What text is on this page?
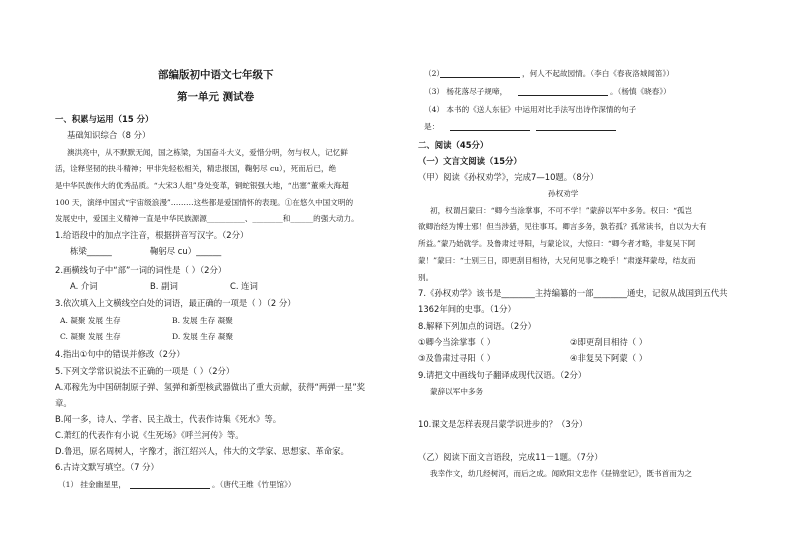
部编版初中语文七年级下
第一单元 测试卷
一、积累与运用（15 分）
基础知识综合（8 分）
澳洪亮中，从不默默无闻，国之栋梁，为国奋斗大义，爱惜分明，勿与权人，记忆鲜
活，诠释坚韧的抉斗精神；甲非先轻松相关，精忠报国，鞠躬尽 cu），死而后已，绝
是中华民族伟大的优秀品质。“大宋3人组”身处变革，铜蛇银强大地，“出塞”董乘大海超
100 天，演绎中国式“宇宙级浪漫”………这些都是爱国情怀的表现。①在悠久中国文明的
发展史中，爱国主义精神一直是中华民族源源__________、________和______的强大动力。
1.给语段中的加点字注音，根据拼音写汉字。（2分）
栋梁______	鞠躬尽 cu）______
2.画横线句子中“部”一词的词性是（ ）（2分）
A. 介词	B. 副词	C. 连词
3.依次填入上文横线空白处的词语，最正确的一项是（ ）（2 分）
A. 凝聚 发展 生存	B. 发展 生存 凝聚
C. 凝聚 发展 生存	D. 发展 生存 凝聚
4.指出①句中的错误并修改（2分）
5.下列文学常识说法不正确的一项是（ ）（2分）
A.邓稼先为中国研制原子弹、氢弹和新型核武器做出了重大贡献，获得“两弹一星”奖
章。
B.闻一多，诗人、学者、民主战士，代表作诗集《死水》等。
C.萧红的代表作有小说《生死场》《呼兰河传》等。
D.鲁迅，原名周树人，字豫才，浙江绍兴人，伟大的文学家、思想家、革命家。
6.古诗文默写填空。（7 分）
（1） 挂金幽星里，	。（唐代王维《竹里馆》）
（2）	，何人不起故园情。（李白《春夜洛城闻笛》）
（3） 杨花落尽子规啼，	。（杨慎《晓春》）
（4） 本书的《送人东征》中运用对比手法写出诗作深情的句子
是：
二、阅读（45分）
（一）文言文阅读（15分）
（甲）阅读《孙权劝学》，完成7—10题。（8分）
孙权劝学
初，权谓吕蒙曰：“卿今当涂掌事，不可不学！”蒙辞以军中多务。权曰：“孤岂
欲卿治经为博士邪！但当涉猎，见往事耳。卿言多务，孰若孤？孤常读书，自以为大有
所益。”蒙乃始就学。及鲁肃过寻阳，与蒙论议，大惊曰：“卿今者才略，非复吴下阿
蒙！”蒙曰：“士别三日，即更刮目相待，大兄何见事之晚乎！”肃遂拜蒙母，结友而
别。
7.《孙权劝学》该书是________主持编纂的一部________通史，记叙从战国到五代共
1362年间的史事。（1分）
8.解释下列加点的词语。（2分）
①卿今当涂掌事（ ）	②即更刮目相待（ ）
③及鲁肃过寻阳（ ）	④非复吴下阿蒙（ ）
9.请把文中画线句子翻译成现代汉语。（2分）
蒙辞以军中多务
10.课文是怎样表现吕蒙学识进步的？（3分）
（乙）阅读下面文言语段，完成11－1题。（7分）
我幸作文，幼几经树河，而后之成。闻欧阳文忠作《昼锦堂记》，既书首而为之
